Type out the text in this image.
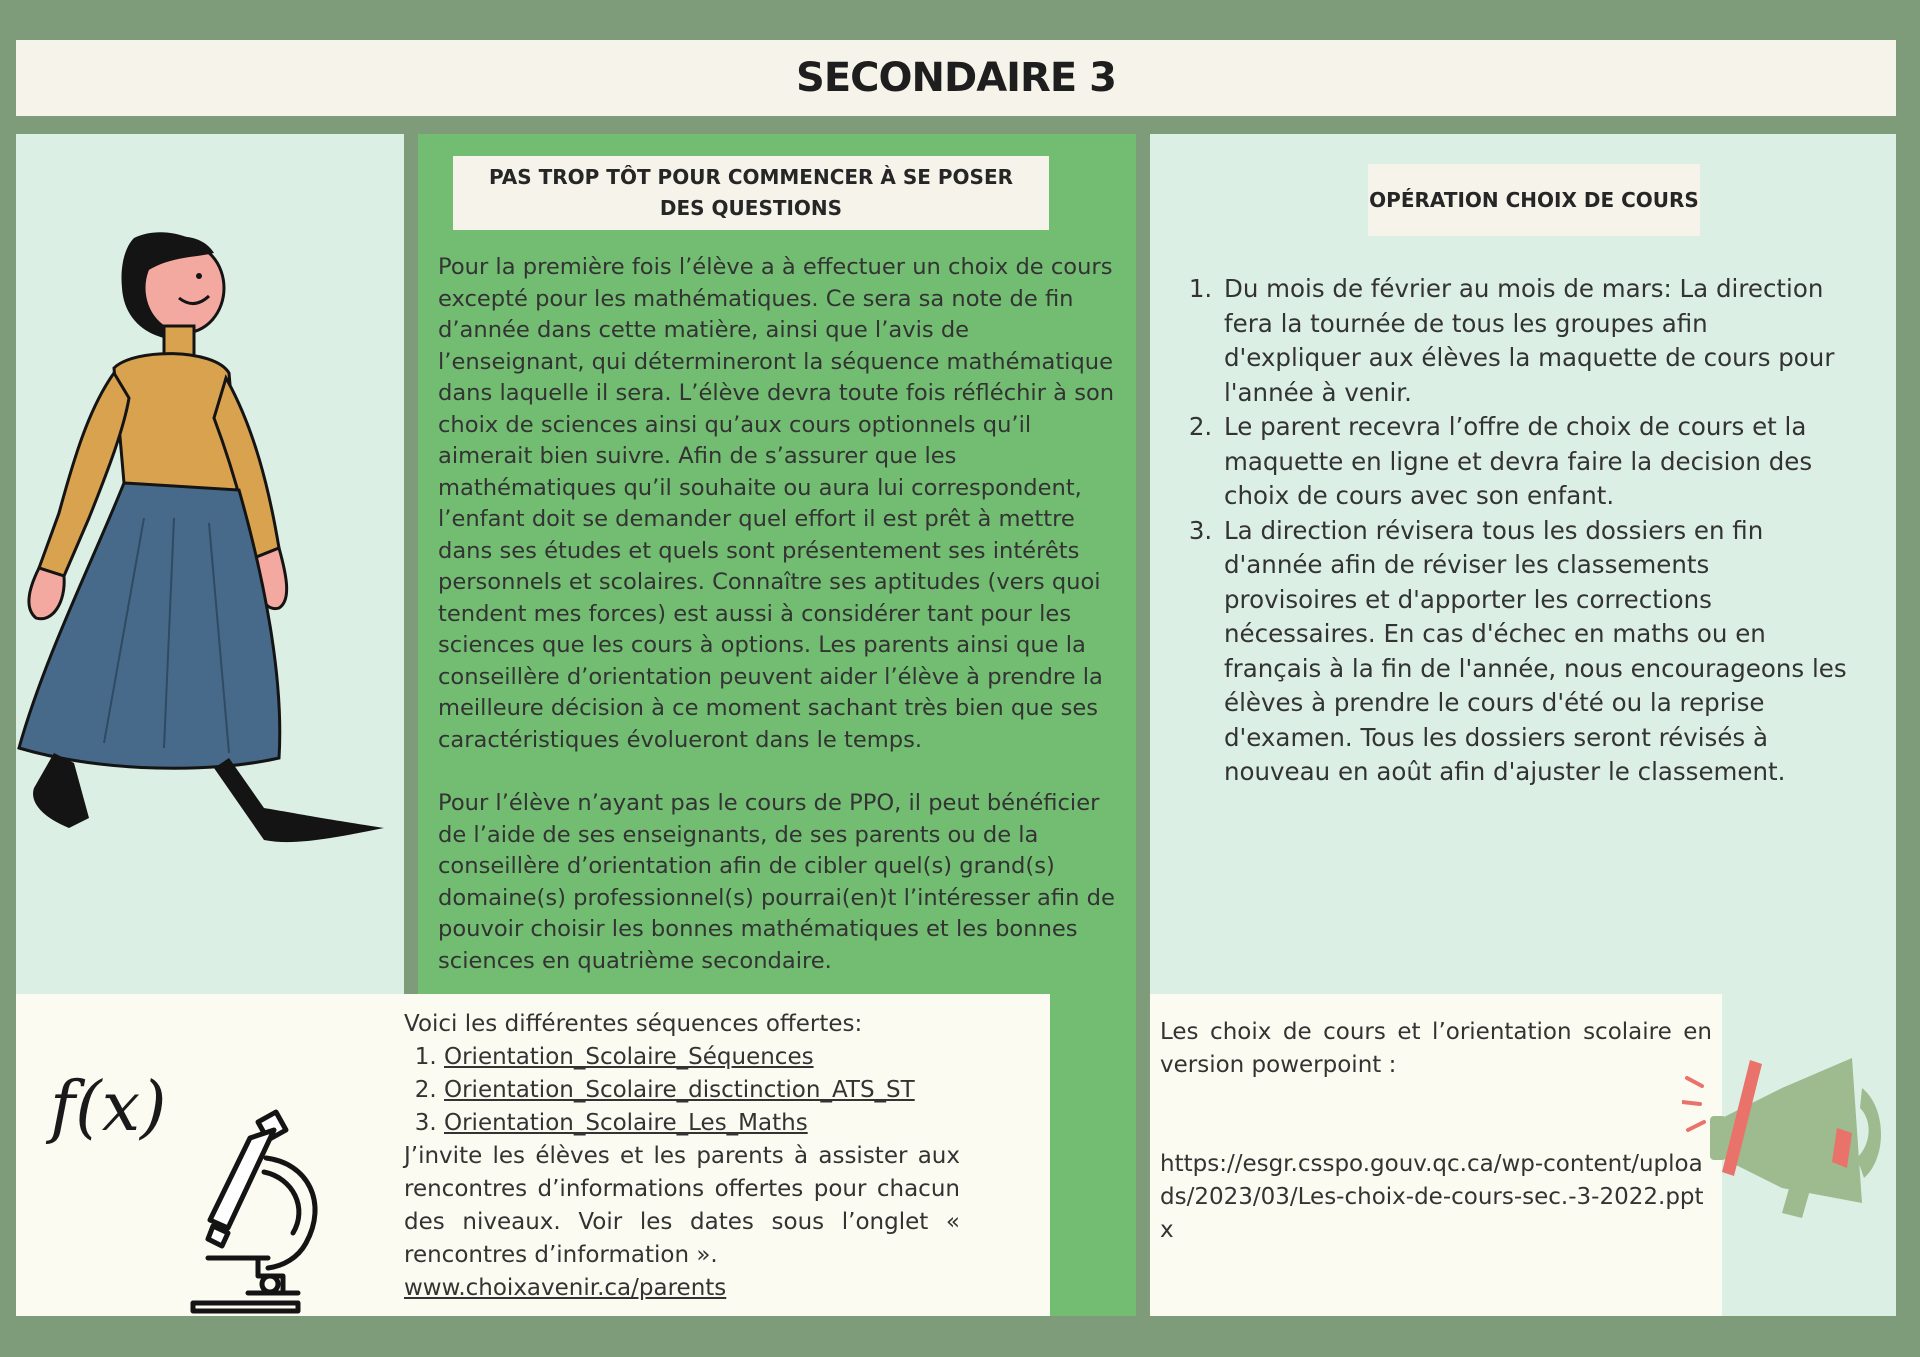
SECONDAIRE 3
PAS TROP TÔT POUR COMMENCER À SE POSER DES QUESTIONS

Pour la première fois l’élève a à effectuer un choix de cours excepté pour les mathématiques. Ce sera sa note de fin d’année dans cette matière, ainsi que l’avis de l’enseignant, qui détermineront la séquence mathématique dans laquelle il sera. L’élève devra toute fois réfléchir à son choix de sciences ainsi qu’aux cours optionnels qu’il aimerait bien suivre. Afin de s’assurer que les mathématiques qu’il souhaite ou aura lui correspondent, l’enfant doit se demander quel effort il est prêt à mettre dans ses études et quels sont présentement ses intérêts personnels et scolaires. Connaître ses aptitudes (vers quoi tendent mes forces) est aussi à considérer tant pour les sciences que les cours à options. Les parents ainsi que la conseillère d’orientation peuvent aider l’élève à prendre la meilleure décision à ce moment sachant très bien que ses caractéristiques évolueront dans le temps.

Pour l’élève n’ayant pas le cours de PPO, il peut bénéficier de l’aide de ses enseignants, de ses parents ou de la conseillère d’orientation afin de cibler quel(s) grand(s) domaine(s) professionnel(s) pourrai(en)t l’intéresser afin de pouvoir choisir les bonnes mathématiques et les bonnes sciences en quatrième secondaire.

OPÉRATION CHOIX DE COURS
1. Du mois de février au mois de mars: La direction fera la tournée de tous les groupes afin d'expliquer aux élèves la maquette de cours pour l'année à venir.
2. Le parent recevra l’offre de choix de cours et la maquette en ligne et devra faire la decision des choix de cours avec son enfant.
3. La direction révisera tous les dossiers en fin d'année afin de réviser les classements provisoires et d'apporter les corrections nécessaires. En cas d'échec en maths ou en français à la fin de l'année, nous encourageons les élèves à prendre le cours d'été ou la reprise d'examen. Tous les dossiers seront révisés à nouveau en août afin d'ajuster le classement.
f(x)
Voici les différentes séquences offertes:
1. Orientation_Scolaire_Séquences
2. Orientation_Scolaire_disctinction_ATS_ST
3. Orientation_Scolaire_Les_Maths

J’invite les élèves et les parents à assister aux rencontres d’informations offertes pour chacun des niveaux. Voir les dates sous l’onglet « rencontres d’information ».

www.choixavenir.ca/parents

Les choix de cours et l’orientation scolaire en version powerpoint :

https://esgr.csspo.gouv.qc.ca/wp-content/uploads/2023/03/Les-choix-de-cours-sec.-3-2022.pptx
